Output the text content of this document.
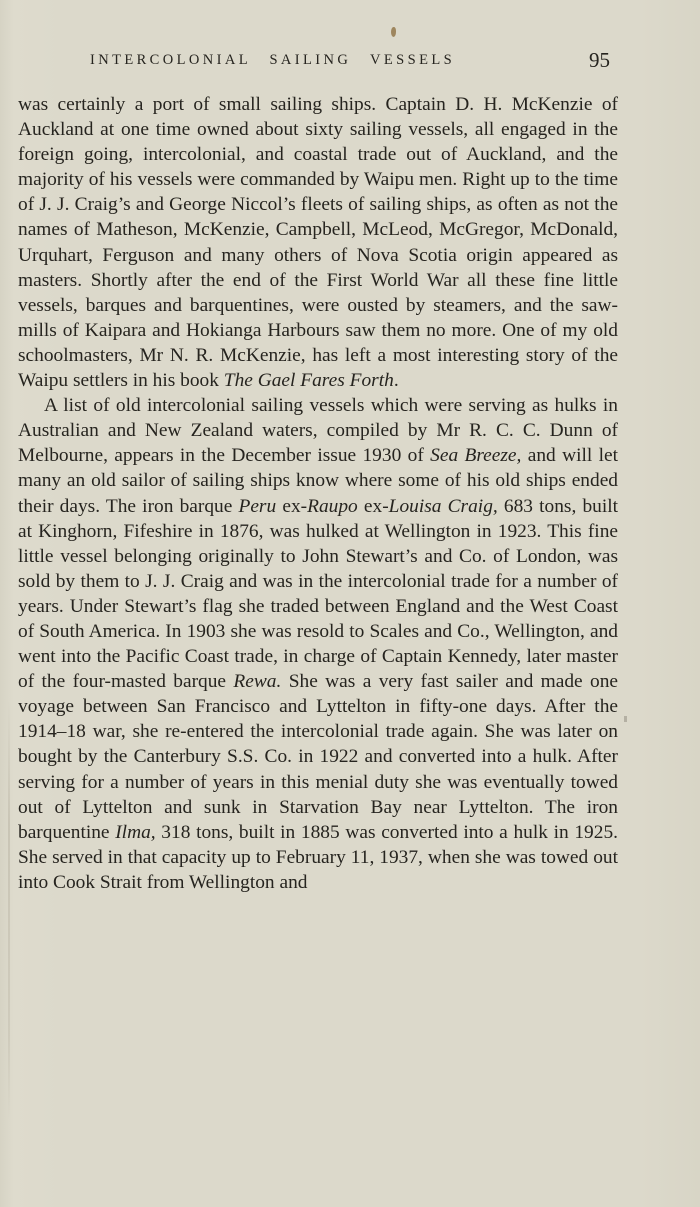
INTERCOLONIAL SAILING VESSELS	95

was certainly a port of small sailing ships. Captain D. H. McKenzie of Auckland at one time owned about sixty sailing vessels, all engaged in the foreign going, intercolonial, and coastal trade out of Auckland, and the majority of his vessels were commanded by Waipu men. Right up to the time of J. J. Craig’s and George Niccol’s fleets of sailing ships, as often as not the names of Matheson, McKenzie, Campbell, McLeod, McGregor, McDonald, Urquhart, Ferguson and many others of Nova Scotia origin appeared as masters. Shortly after the end of the First World War all these fine little vessels, barques and barquentines, were ousted by steamers, and the saw-mills of Kaipara and Hokianga Harbours saw them no more. One of my old schoolmasters, Mr N. R. McKenzie, has left a most interesting story of the Waipu settlers in his book The Gael Fares Forth.

A list of old intercolonial sailing vessels which were serving as hulks in Australian and New Zealand waters, compiled by Mr R. C. C. Dunn of Melbourne, appears in the December issue 1930 of Sea Breeze, and will let many an old sailor of sailing ships know where some of his old ships ended their days. The iron barque Peru ex-Raupo ex-Louisa Craig, 683 tons, built at Kinghorn, Fifeshire in 1876, was hulked at Wellington in 1923. This fine little vessel belonging originally to John Stewart’s and Co. of London, was sold by them to J. J. Craig and was in the intercolonial trade for a number of years. Under Stewart’s flag she traded between England and the West Coast of South America. In 1903 she was resold to Scales and Co., Wellington, and went into the Pacific Coast trade, in charge of Captain Kennedy, later master of the four-masted barque Rewa. She was a very fast sailer and made one voyage between San Francisco and Lyttelton in fifty-one days. After the 1914–18 war, she re-entered the intercolonial trade again. She was later on bought by the Canterbury S.S. Co. in 1922 and converted into a hulk. After serving for a number of years in this menial duty she was eventually towed out of Lyttelton and sunk in Starvation Bay near Lyttelton. The iron barquentine Ilma, 318 tons, built in 1885 was converted into a hulk in 1925. She served in that capacity up to February 11, 1937, when she was towed out into Cook Strait from Wellington and
